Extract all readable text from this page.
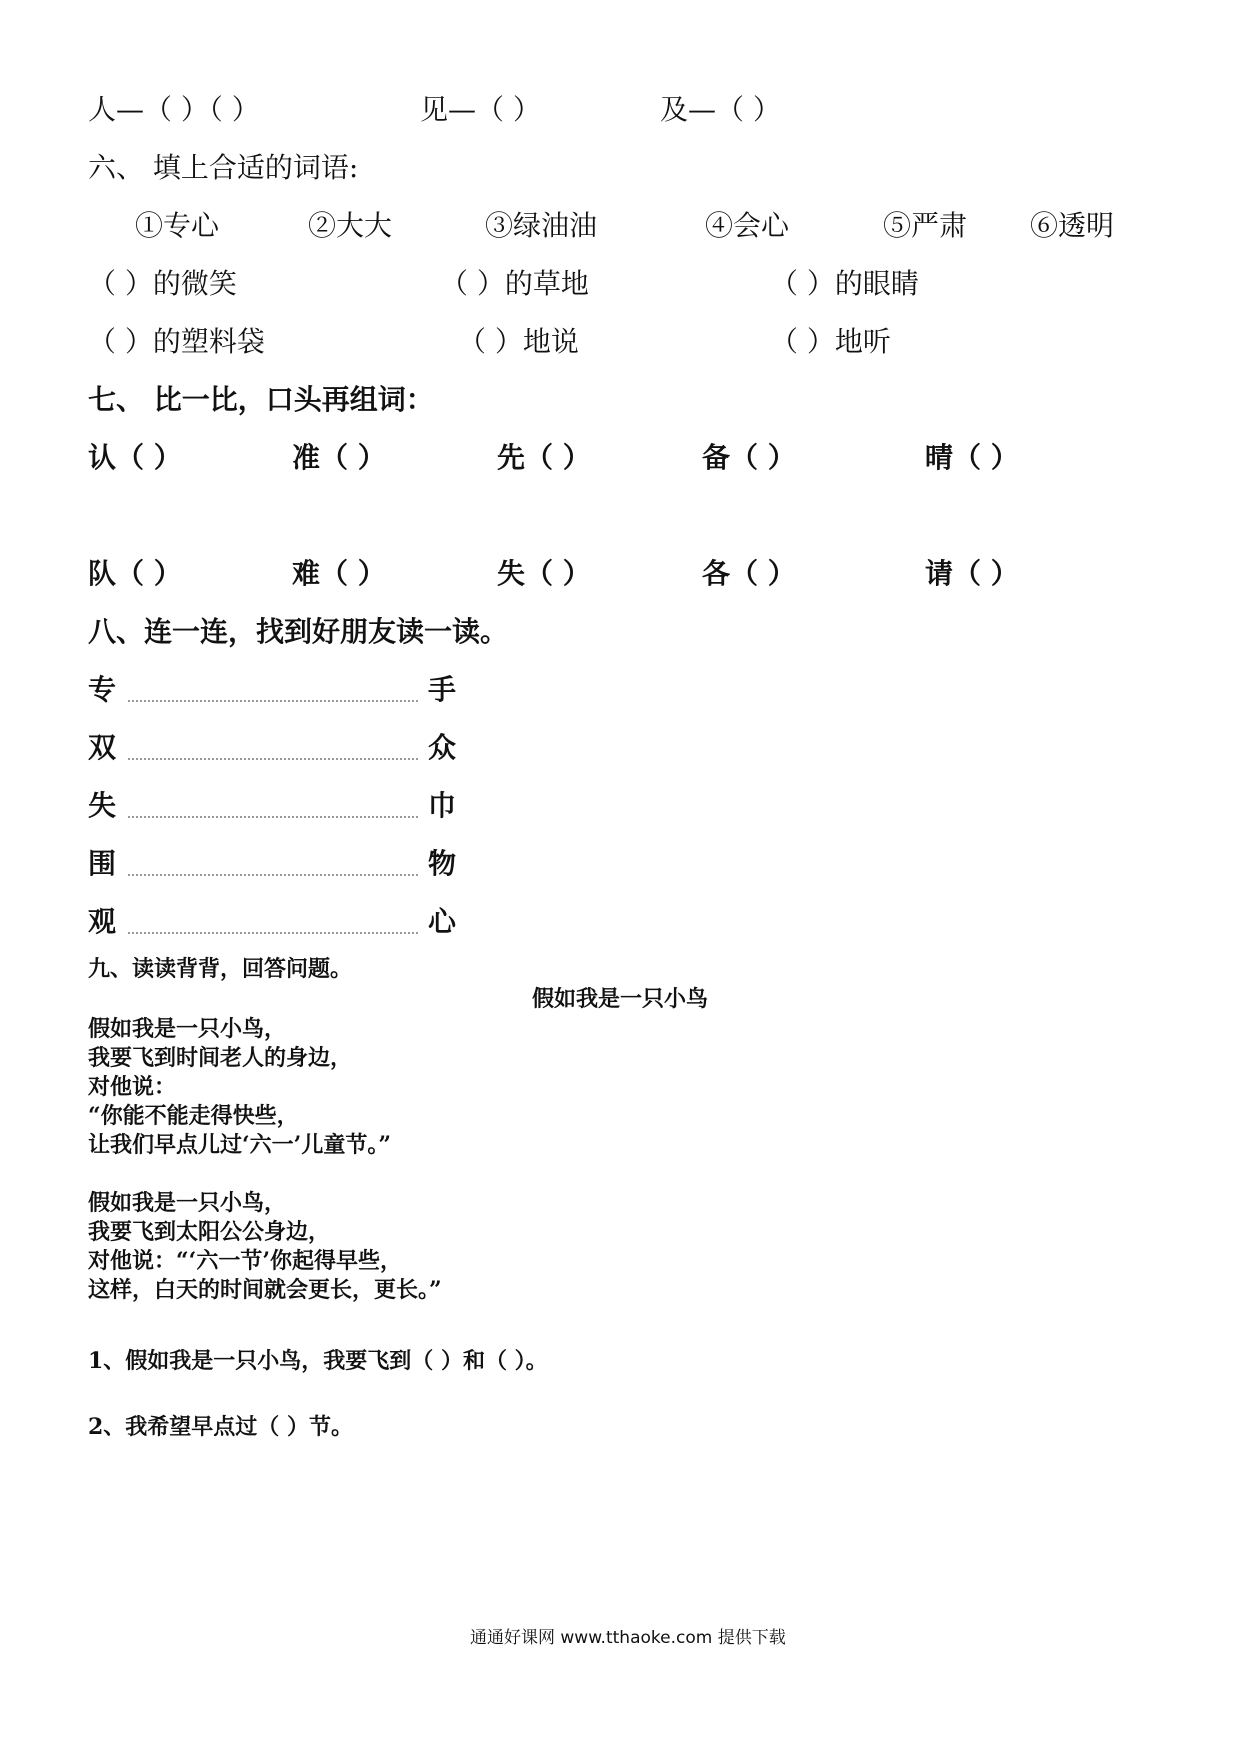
人—（ ）（ ）	见—（ ）	及—（ ）
六、 填上合适的词语:
①专心	②大大	③绿油油	④会心	⑤严肃 ⑥透明
（ ）的微笑	（ ）的草地	（ ）的眼睛
（ ）的塑料袋	（ ）地说	（ ）地听
七、 比一比，口头再组词：
认（ ）	准（ ）	先（ ）	备（ ）	晴（ ）
队（ ）	难（ ）	失（ ）	各（ ）	请（ ）
八、连一连，找到好朋友读一读。
专	手
双	众
失	巾
围	物
观	心
九、读读背背，回答问题。
假如我是一只小鸟
假如我是一只小鸟，
我要飞到时间老人的身边，
对他说：
“你能不能走得快些，
让我们早点儿过‘六一’儿童节。”
假如我是一只小鸟，
我要飞到太阳公公身边，
对他说：“‘六一节’你起得早些，
这样，白天的时间就会更长，更长。”
1、假如我是一只小鸟，我要飞到（ ）和（ ）。
2、我希望早点过（ ）节。
通通好课网 www.tthaoke.com 提供下载
